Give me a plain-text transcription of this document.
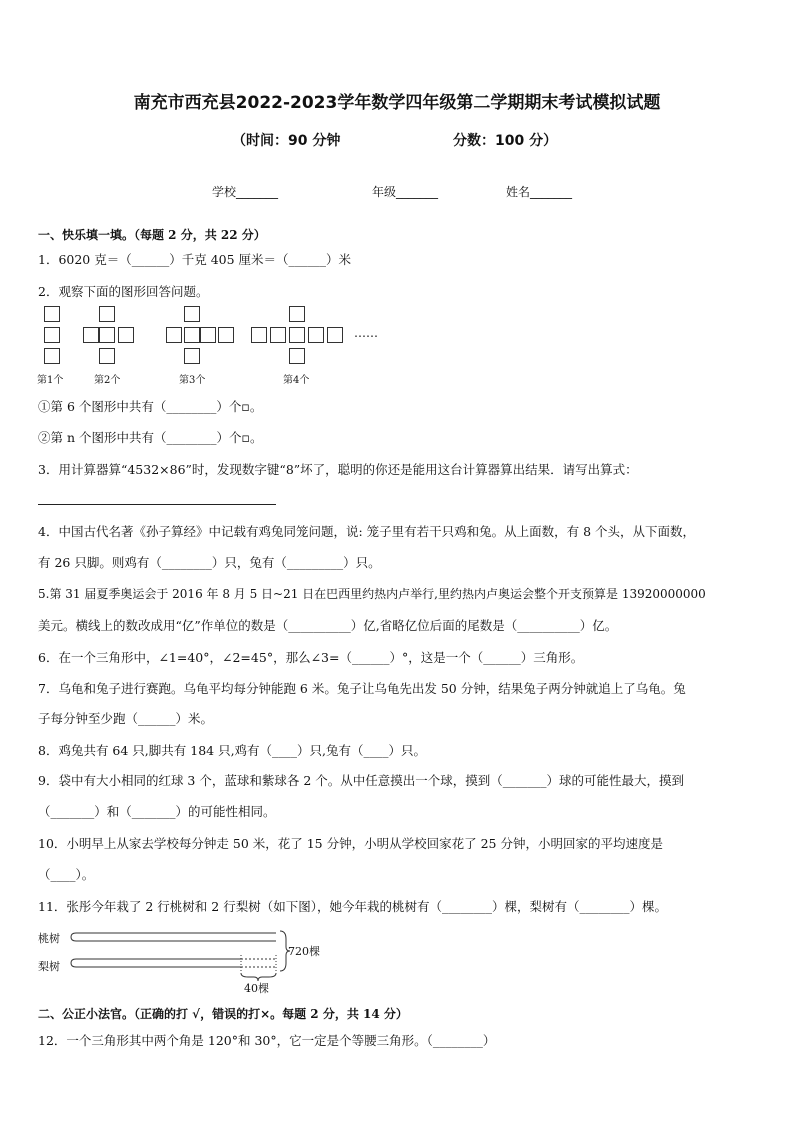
南充市西充县2022-2023学年数学四年级第二学期期末考试模拟试题
（时间：90 分钟	分数：100 分）
学校_______	年级_______	姓名_______
一、快乐填一填。（每题 2 分，共 22 分）
1．6020 克＝（______）千克 405 厘米＝（______）米
2．观察下面的图形回答问题。
……
第1个	第2个	第3个	第4个
①第 6 个图形中共有（________）个▫。
②第 n 个图形中共有（________）个▫。
3．用计算器算“4532×86”时，发现数字键“8”坏了，聪明的你还是能用这台计算器算出结果．请写出算式：
4．中国古代名著《孙子算经》中记载有鸡兔同笼问题，说: 笼子里有若干只鸡和兔。从上面数，有 8 个头，从下面数，
有 26 只脚。则鸡有（________）只，兔有（_________）只。
5.第 31 届夏季奥运会于 2016 年 8 月 5 日~21 日在巴西里约热内卢举行,里约热内卢奥运会整个开支预算是 13920000000
美元。横线上的数改成用“亿”作单位的数是（__________）亿,省略亿位后面的尾数是（__________）亿。
6．在一个三角形中，∠1=40°，∠2=45°，那么∠3=（______）°，这是一个（______）三角形。
7．乌龟和兔子进行赛跑。乌龟平均每分钟能跑 6 米。兔子让乌龟先出发 50 分钟，结果兔子两分钟就追上了乌龟。兔
子每分钟至少跑（______）米。
8．鸡兔共有 64 只,脚共有 184 只,鸡有（____）只,兔有（____）只。
9．袋中有大小相同的红球 3 个，蓝球和紫球各 2 个。从中任意摸出一个球，摸到（_______）球的可能性最大，摸到
（_______）和（_______）的可能性相同。
10．小明早上从家去学校每分钟走 50 米，花了 15 分钟，小明从学校回家花了 25 分钟，小明回家的平均速度是
（____）。
11．张彤今年栽了 2 行桃树和 2 行梨树（如下图），她今年栽的桃树有（________）棵，梨树有（________）棵。
桃树
梨树
720棵
40棵
二、公正小法官。（正确的打 √，错误的打×。每题 2 分，共 14 分）
12．一个三角形其中两个角是 120°和 30°，它一定是个等腰三角形。（________）
